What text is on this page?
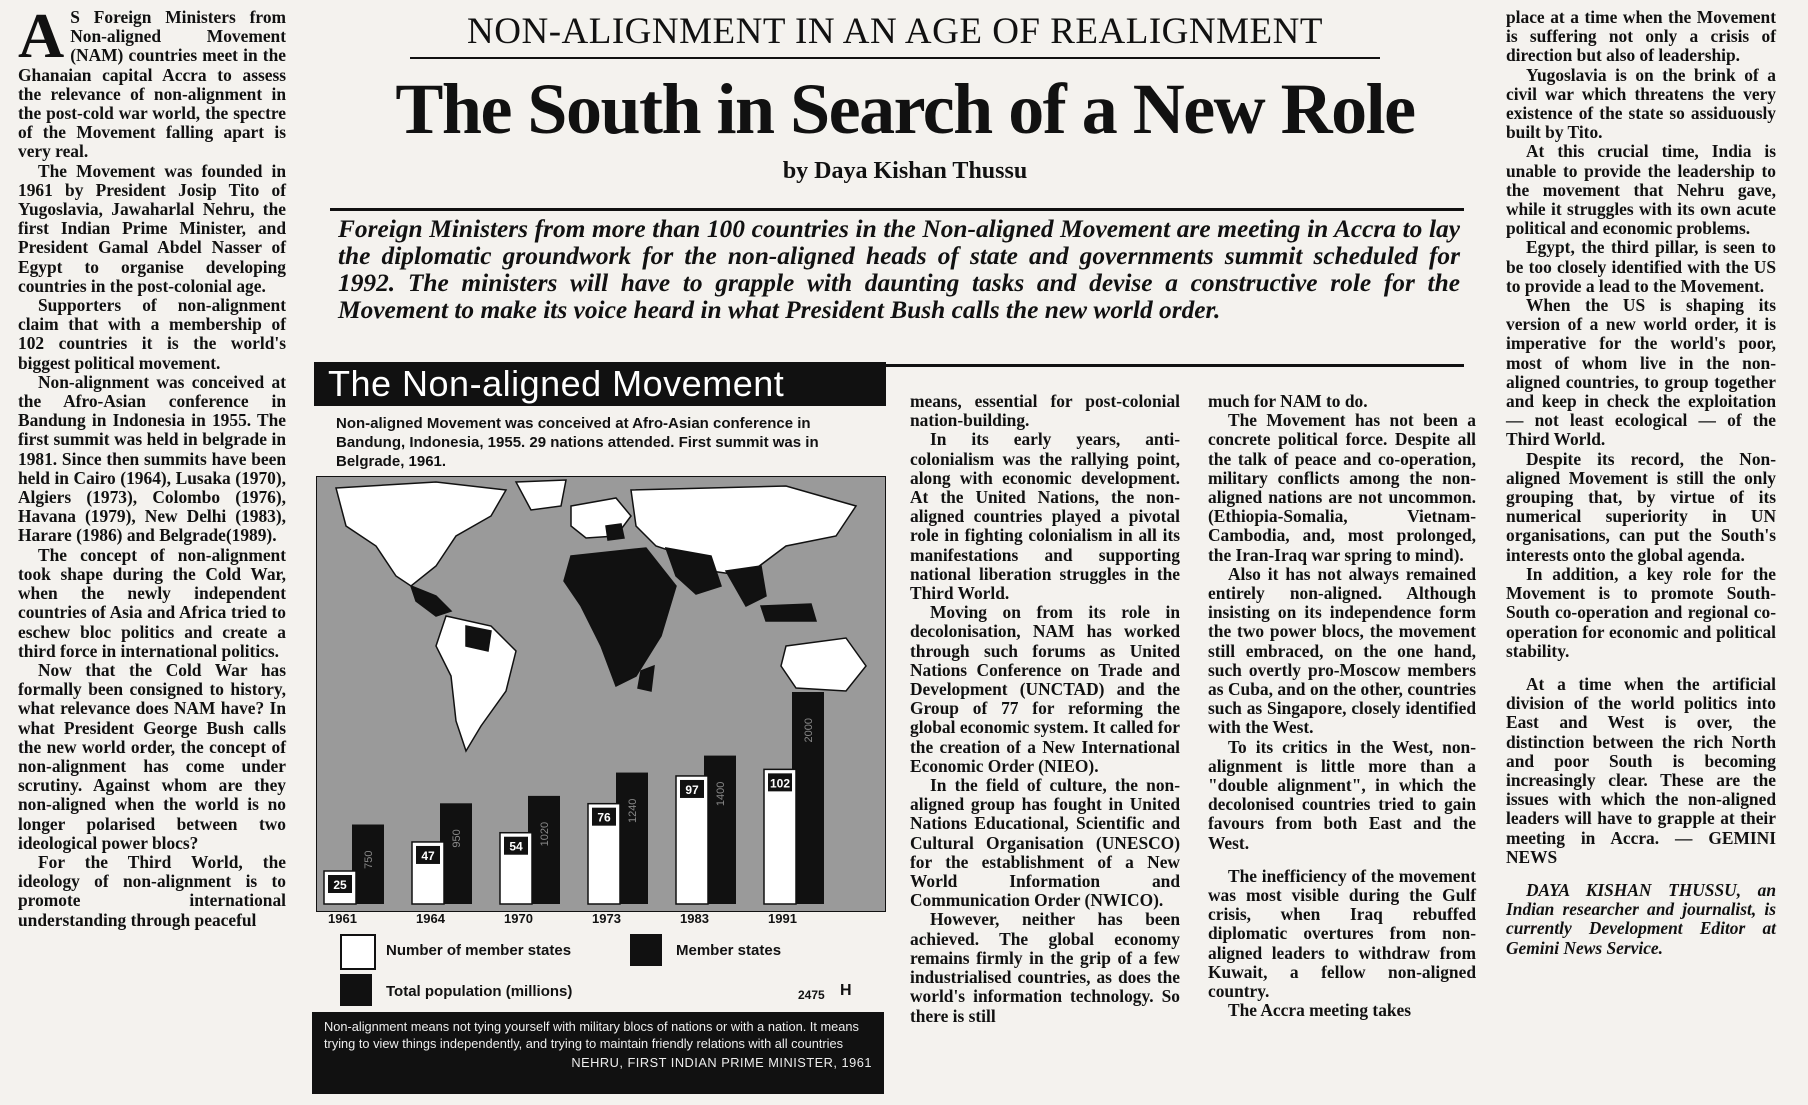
A S Foreign Ministers from Non-aligned Movement (NAM) countries meet in the Ghanaian capital Accra to assess the relevance of non-alignment in the post-cold war world, the spectre of the Movement falling apart is very real.

The Movement was founded in 1961 by President Josip Tito of Yugoslavia, Jawaharlal Nehru, the first Indian Prime Minister, and President Gamal Abdel Nasser of Egypt to organise developing countries in the post-colonial age.

Supporters of non-alignment claim that with a membership of 102 countries it is the world's biggest political movement.

Non-alignment was conceived at the Afro-Asian conference in Bandung in Indonesia in 1955. The first summit was held in belgrade in 1981. Since then summits have been held in Cairo (1964), Lusaka (1970), Algiers (1973), Colombo (1976), Havana (1979), New Delhi (1983), Harare (1986) and Belgrade(1989).

The concept of non-alignment took shape during the Cold War, when the newly independent countries of Asia and Africa tried to eschew bloc politics and create a third force in international politics.

Now that the Cold War has formally been consigned to history, what relevance does NAM have? In what President George Bush calls the new world order, the concept of non-alignment has come under scrutiny. Against whom are they non-aligned when the world is no longer polarised between two ideological power blocs?

For the Third World, the ideology of non-alignment is to promote international understanding through peaceful

NON-ALIGNMENT IN AN AGE OF REALIGNMENT
The South in Search of a New Role
by Daya Kishan Thussu
Foreign Ministers from more than 100 countries in the Non-aligned Movement are meeting in Accra to lay the diplomatic groundwork for the non-aligned heads of state and governments summit scheduled for 1992. The ministers will have to grapple with daunting tasks and devise a constructive role for the Movement to make its voice heard in what President Bush calls the new world order.
The Non-aligned Movement
Non-aligned Movement was conceived at Afro-Asian conference in Bandung, Indonesia, 1955. 29 nations attended. First summit was in Belgrade, 1961.
750
25
950
47
1020
54
1240
76
1400
97
2000
102
Number of member states	Member states
Total population (millions)	2475 H
Non-alignment means not tying yourself with military blocs of nations or with a nation. It means trying to view things independently, and trying to maintain friendly relations with all countries
NEHRU, FIRST INDIAN PRIME MINISTER, 1961

means, essential for post-colonial nation-building.

In its early years, anti-colonialism was the rallying point, along with economic development. At the United Nations, the non-aligned countries played a pivotal role in fighting colonialism in all its manifestations and supporting national liberation struggles in the Third World.

Moving on from its role in decolonisation, NAM has worked through such forums as United Nations Conference on Trade and Development (UNCTAD) and the Group of 77 for reforming the global economic system. It called for the creation of a New International Economic Order (NIEO).

In the field of culture, the non-aligned group has fought in United Nations Educational, Scientific and Cultural Organisation (UNESCO) for the establishment of a New World Information and Communication Order (NWICO).

However, neither has been achieved. The global economy remains firmly in the grip of a few industrialised countries, as does the world's information technology. So there is still

much for NAM to do.

The Movement has not been a concrete political force. Despite all the talk of peace and co-operation, military conflicts among the non-aligned nations are not uncommon. (Ethiopia-Somalia, Vietnam-Cambodia, and, most prolonged, the Iran-Iraq war spring to mind).

Also it has not always remained entirely non-aligned. Although insisting on its independence form the two power blocs, the movement still embraced, on the one hand, such overtly pro-Moscow members as Cuba, and on the other, countries such as Singapore, closely identified with the West.

To its critics in the West, non-alignment is little more than a "double alignment", in which the decolonised countries tried to gain favours from both East and the West.

The inefficiency of the movement was most visible during the Gulf crisis, when Iraq rebuffed diplomatic overtures from non-aligned leaders to withdraw from Kuwait, a fellow non-aligned country.

The Accra meeting takes

place at a time when the Movement is suffering not only a crisis of direction but also of leadership.

Yugoslavia is on the brink of a civil war which threatens the very existence of the state so assiduously built by Tito.

At this crucial time, India is unable to provide the leadership to the movement that Nehru gave, while it struggles with its own acute political and economic problems.

Egypt, the third pillar, is seen to be too closely identified with the US to provide a lead to the Movement.

When the US is shaping its version of a new world order, it is imperative for the world's poor, most of whom live in the non-aligned countries, to group together and keep in check the exploitation — not least ecological — of the Third World.

Despite its record, the Non-aligned Movement is still the only grouping that, by virtue of its numerical superiority in UN organisations, can put the South's interests onto the global agenda.

In addition, a key role for the Movement is to promote South-South co-operation and regional co-operation for economic and political stability.

At a time when the artificial division of the world politics into East and West is over, the distinction between the rich North and poor South is becoming increasingly clear. These are the issues with which the non-aligned leaders will have to grapple at their meeting in Accra. — GEMINI NEWS

DAYA KISHAN THUSSU, an Indian researcher and journalist, is currently Development Editor at Gemini News Service.

1961	1964	1970	1973	1983	1991
